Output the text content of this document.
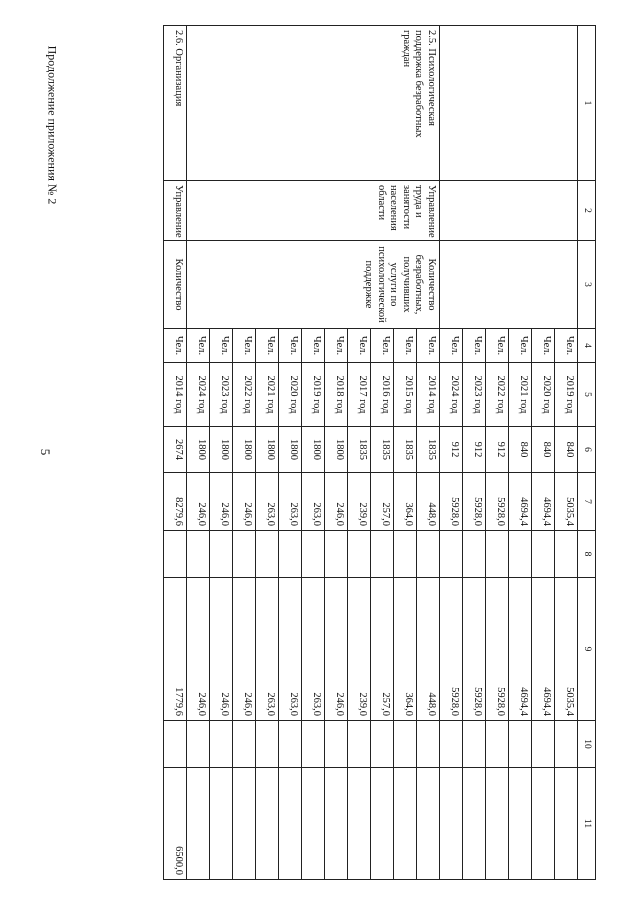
5
Продолжение приложения № 2	1	2	3	4	5	6	7	8	9	10	11
			Чел.	2019 год	840	5035,4		5035,4		
			Чел.	2020 год	840	4694,4		4694,4		
			Чел.	2021 год	840	4694,4		4694,4		
			Чел.	2022 год	912	5928,0		5928,0		
			Чел.	2023 год	912	5928,0		5928,0		
			Чел.	2024 год	912	5928,0		5928,0		
2.5. Психологическая поддержка безработных граждан	Управление труда и занятости населения области	Количество безработных, получивших услуги по психологической поддержке	Чел.	2014 год	1835	448,0		448,0		
			Чел.	2015 год	1835	364,0		364,0		
			Чел.	2016 год	1835	257,0		257,0		
			Чел.	2017 год	1835	239,0		239,0		
			Чел.	2018 год	1800	246,0		246,0		
			Чел.	2019 год	1800	263,0		263,0		
			Чел.	2020 год	1800	263,0		263,0		
			Чел.	2021 год	1800	263,0		263,0		
			Чел.	2022 год	1800	246,0		246,0		
			Чел.	2023 год	1800	246,0		246,0		
			Чел.	2024 год	1800	246,0		246,0		
2.6. Организация	Управление	Количество	Чел.	2014 год	2674	8279,6		1779,6		6500,0
